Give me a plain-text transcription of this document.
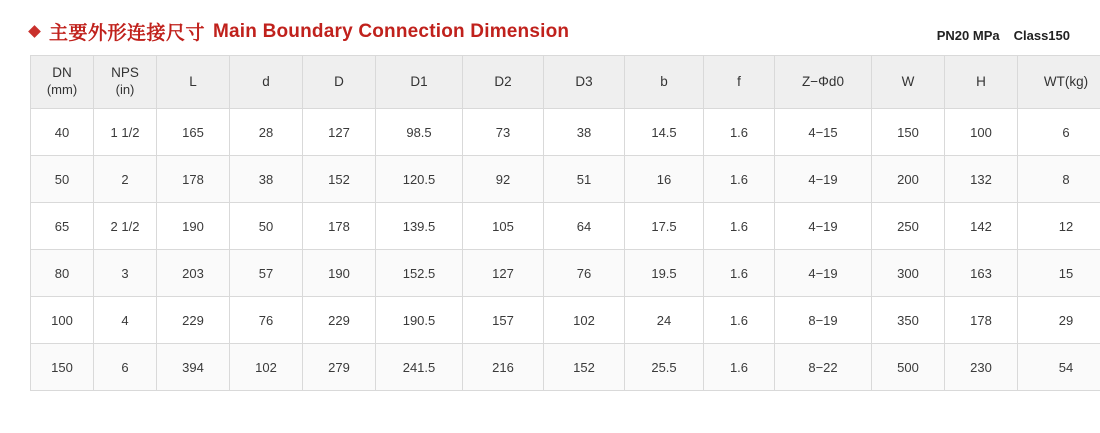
主要外形连接尺寸 Main Boundary Connection Dimension	PN20 MPa Class150
DN
(mm)	NPS
(in)	L	d	D	D1	D2	D3	b	f	Z−Φd0	W	H	WT(kg)
40	1 1/2	165	28	127	98.5	73	38	14.5	1.6	4−15	150	100	6
50	2	178	38	152	120.5	92	51	16	1.6	4−19	200	132	8
65	2 1/2	190	50	178	139.5	105	64	17.5	1.6	4−19	250	142	12
80	3	203	57	190	152.5	127	76	19.5	1.6	4−19	300	163	15
100	4	229	76	229	190.5	157	102	24	1.6	8−19	350	178	29
150	6	394	102	279	241.5	216	152	25.5	1.6	8−22	500	230	54
